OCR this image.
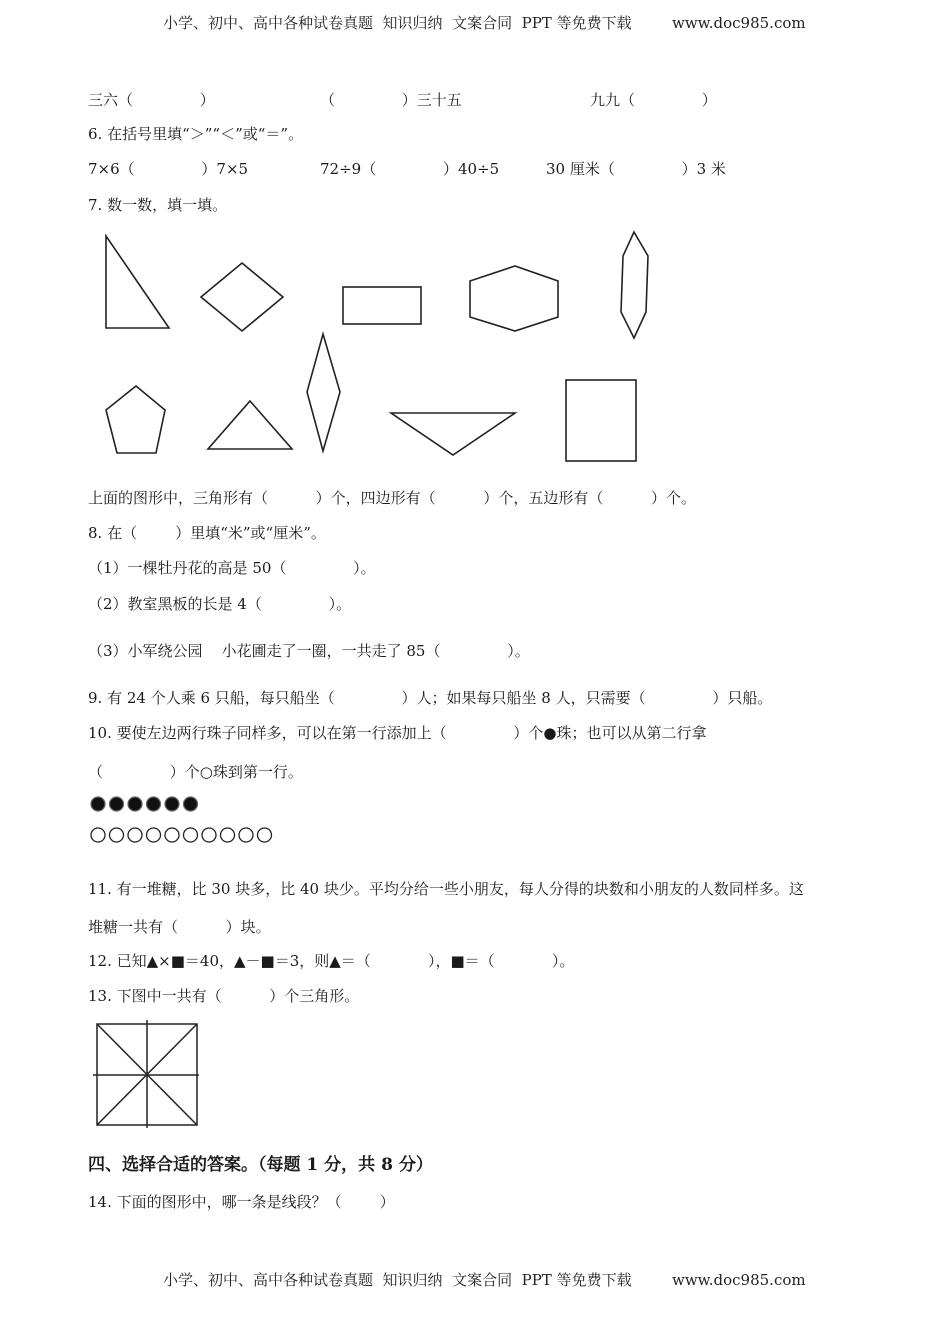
小学、初中、高中各种试卷真题  知识归纳  文案合同  PPT 等免费下载	www.doc985.com
三六（              ）	（              ）三十五	九九（              ）
6. 在括号里填“＞”“＜”或“＝”。
7×6（              ）7×5	72÷9（              ）40÷5	30 厘米（              ）3 米
7. 数一数，填一填。
上面的图形中，三角形有（          ）个，四边形有（          ）个，五边形有（          ）个。
8. 在（        ）里填“米”或“厘米”。
（1）一棵牡丹花的高是 50（              ）。
（2）教室黑板的长是 4（              ）。
（3）小军绕公园    小花圃走了一圈，一共走了 85（              ）。
9. 有 24 个人乘 6 只船，每只船坐（              ）人；如果每只船坐 8 人，只需要（              ）只船。
10. 要使左边两行珠子同样多，可以在第一行添加上（              ）个●珠；也可以从第二行拿
（              ）个○珠到第一行。
11. 有一堆糖，比 30 块多，比 40 块少。平均分给一些小朋友，每人分得的块数和小朋友的人数同样多。这
堆糖一共有（          ）块。
12. 已知▲×■＝40，▲－■＝3，则▲＝（            ），■＝（            ）。
13. 下图中一共有（          ）个三角形。
四、选择合适的答案。（每题 1 分，共 8 分）
14. 下面的图形中，哪一条是线段？（        ）
小学、初中、高中各种试卷真题  知识归纳  文案合同  PPT 等免费下载	www.doc985.com
